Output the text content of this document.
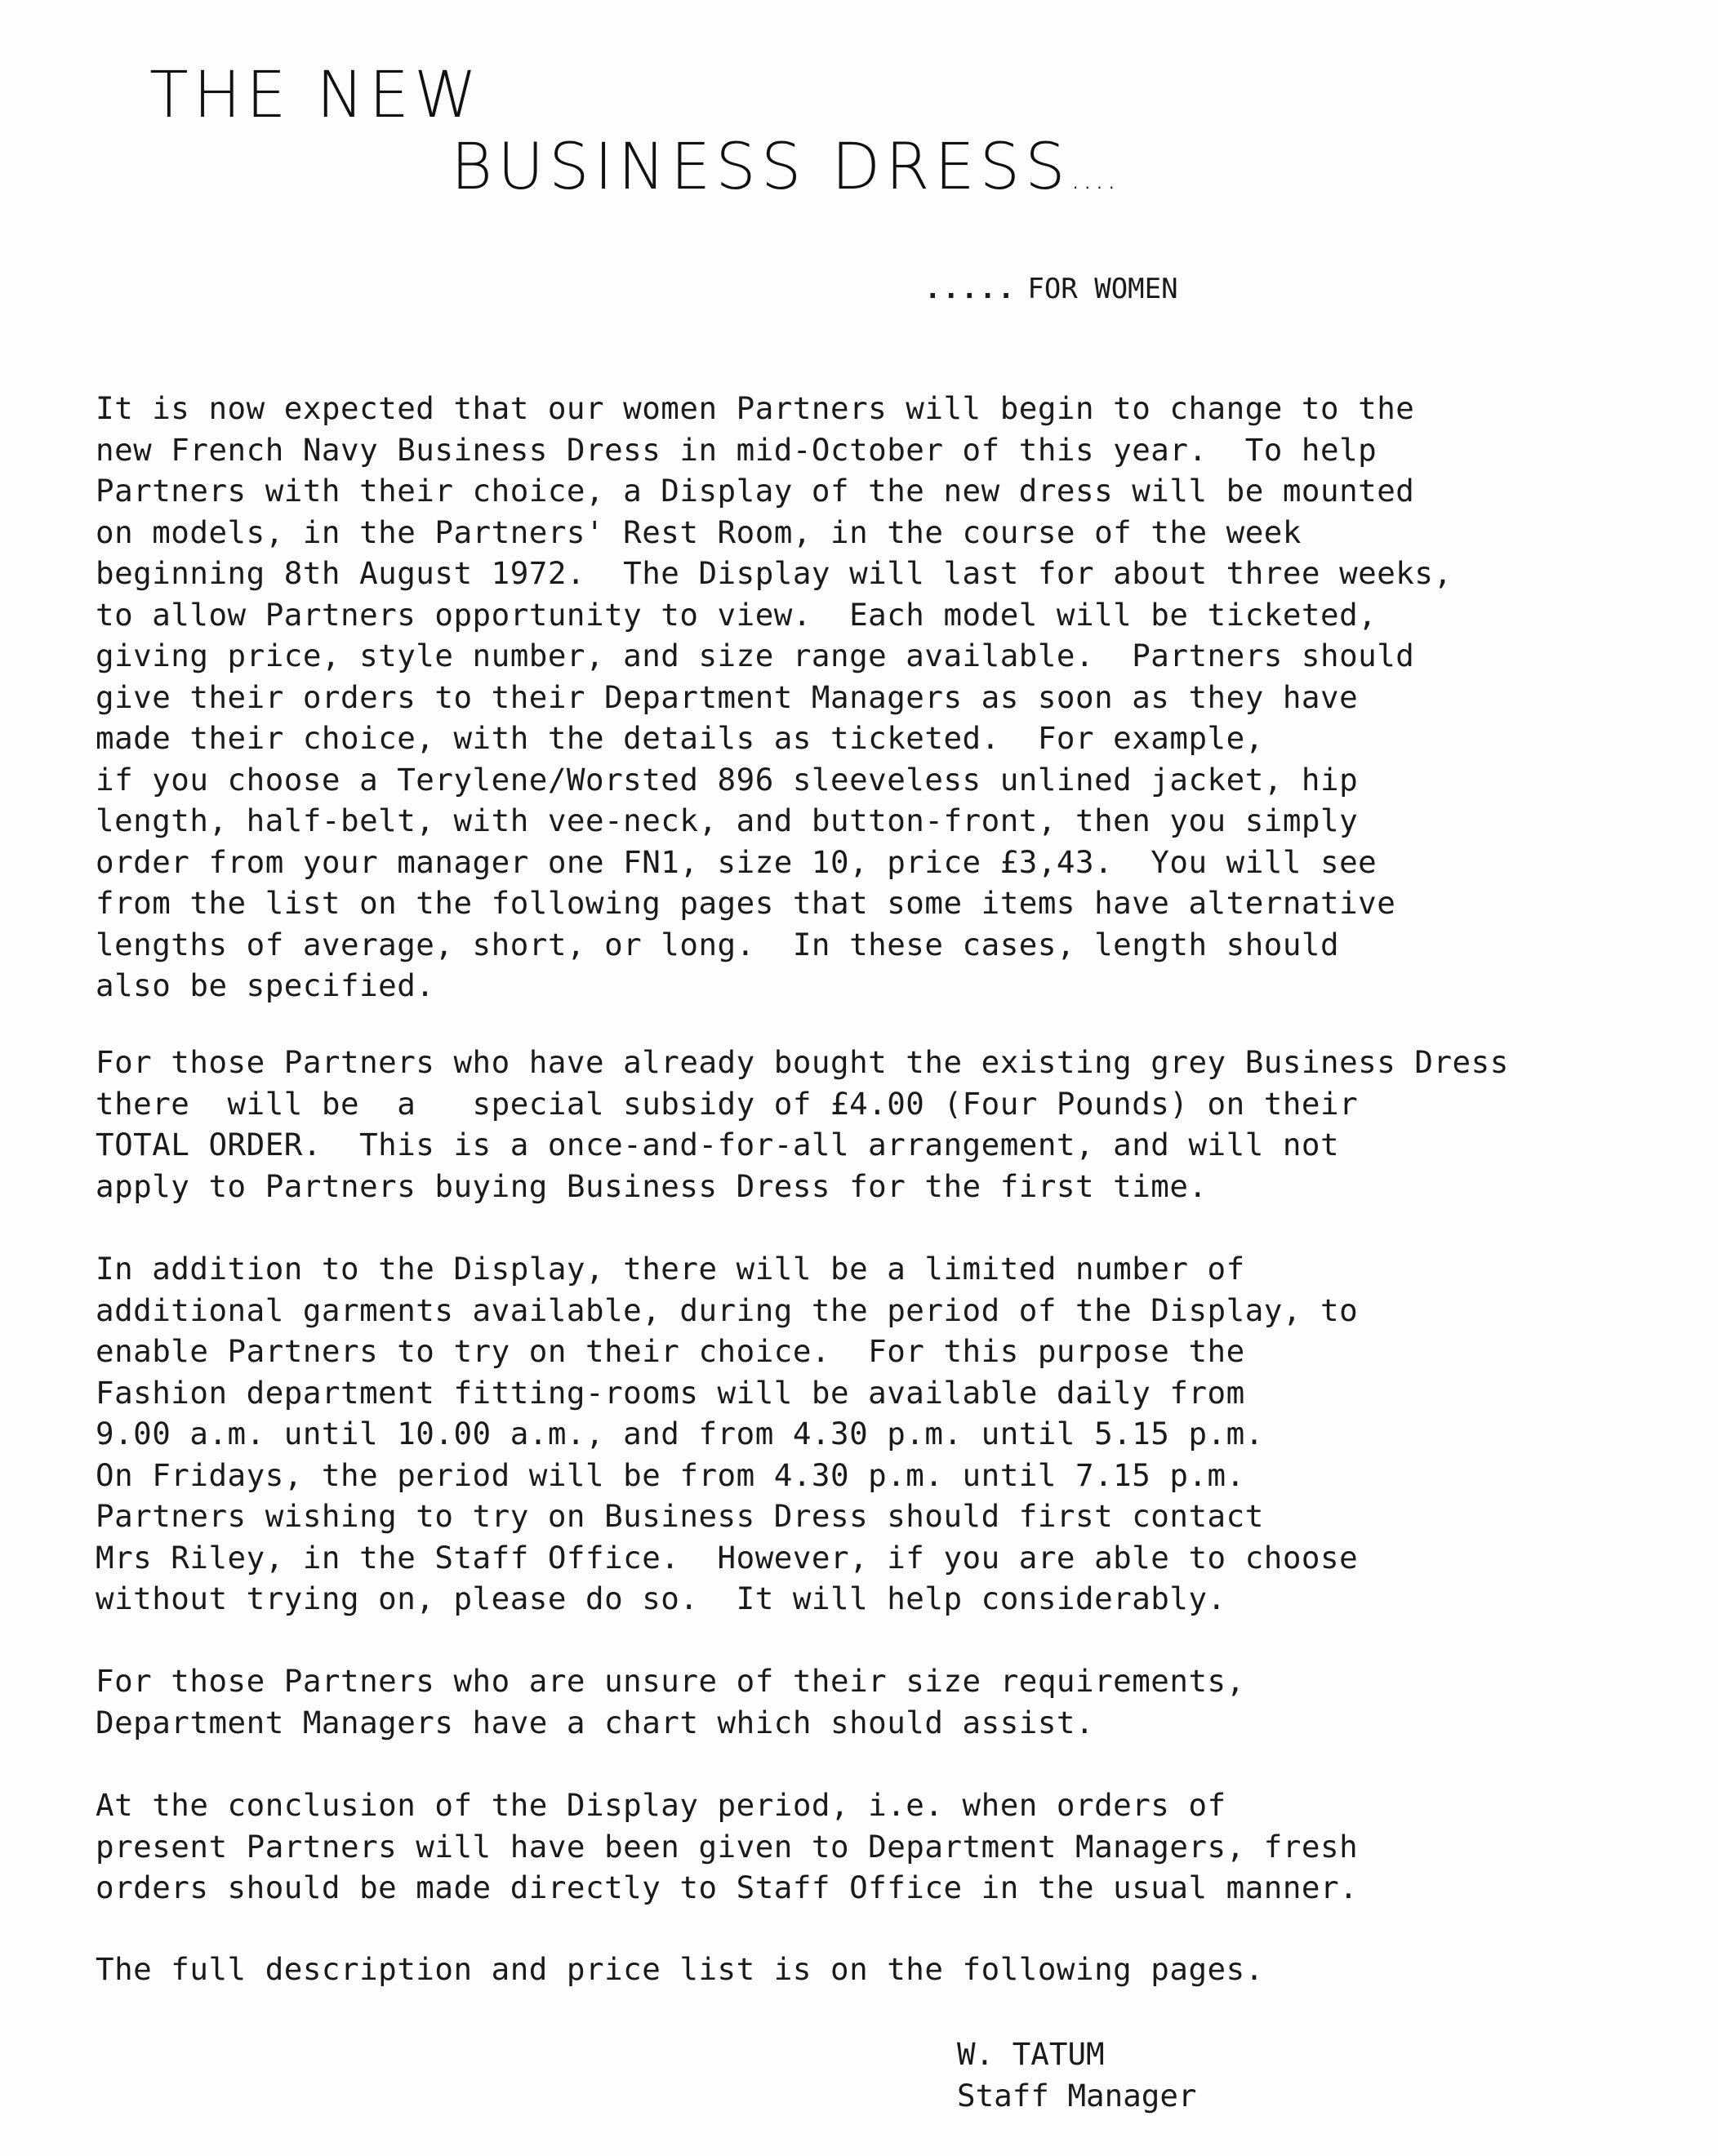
THE NEW
BUSINESS DRESS....
..... FOR WOMEN
It is now expected that our women Partners will begin to change to the
new French Navy Business Dress in mid-October of this year.  To help
Partners with their choice, a Display of the new dress will be mounted
on models, in the Partners' Rest Room, in the course of the week
beginning 8th August 1972.  The Display will last for about three weeks,
to allow Partners opportunity to view.  Each model will be ticketed,
giving price, style number, and size range available.  Partners should
give their orders to their Department Managers as soon as they have
made their choice, with the details as ticketed.  For example,
if you choose a Terylene/Worsted 896 sleeveless unlined jacket, hip
length, half-belt, with vee-neck, and button-front, then you simply
order from your manager one FN1, size 10, price £3,43.  You will see
from the list on the following pages that some items have alternative
lengths of average, short, or long.  In these cases, length should
also be specified.
For those Partners who have already bought the existing grey Business Dress
there  will be  a   special subsidy of £4.00 (Four Pounds) on their
TOTAL ORDER.  This is a once-and-for-all arrangement, and will not
apply to Partners buying Business Dress for the first time.
In addition to the Display, there will be a limited number of
additional garments available, during the period of the Display, to
enable Partners to try on their choice.  For this purpose the
Fashion department fitting-rooms will be available daily from
9.00 a.m. until 10.00 a.m., and from 4.30 p.m. until 5.15 p.m.
On Fridays, the period will be from 4.30 p.m. until 7.15 p.m.
Partners wishing to try on Business Dress should first contact
Mrs Riley, in the Staff Office.  However, if you are able to choose
without trying on, please do so.  It will help considerably.
For those Partners who are unsure of their size requirements,
Department Managers have a chart which should assist.
At the conclusion of the Display period, i.e. when orders of
present Partners will have been given to Department Managers, fresh
orders should be made directly to Staff Office in the usual manner.
The full description and price list is on the following pages.
W. TATUM
Staff Manager
